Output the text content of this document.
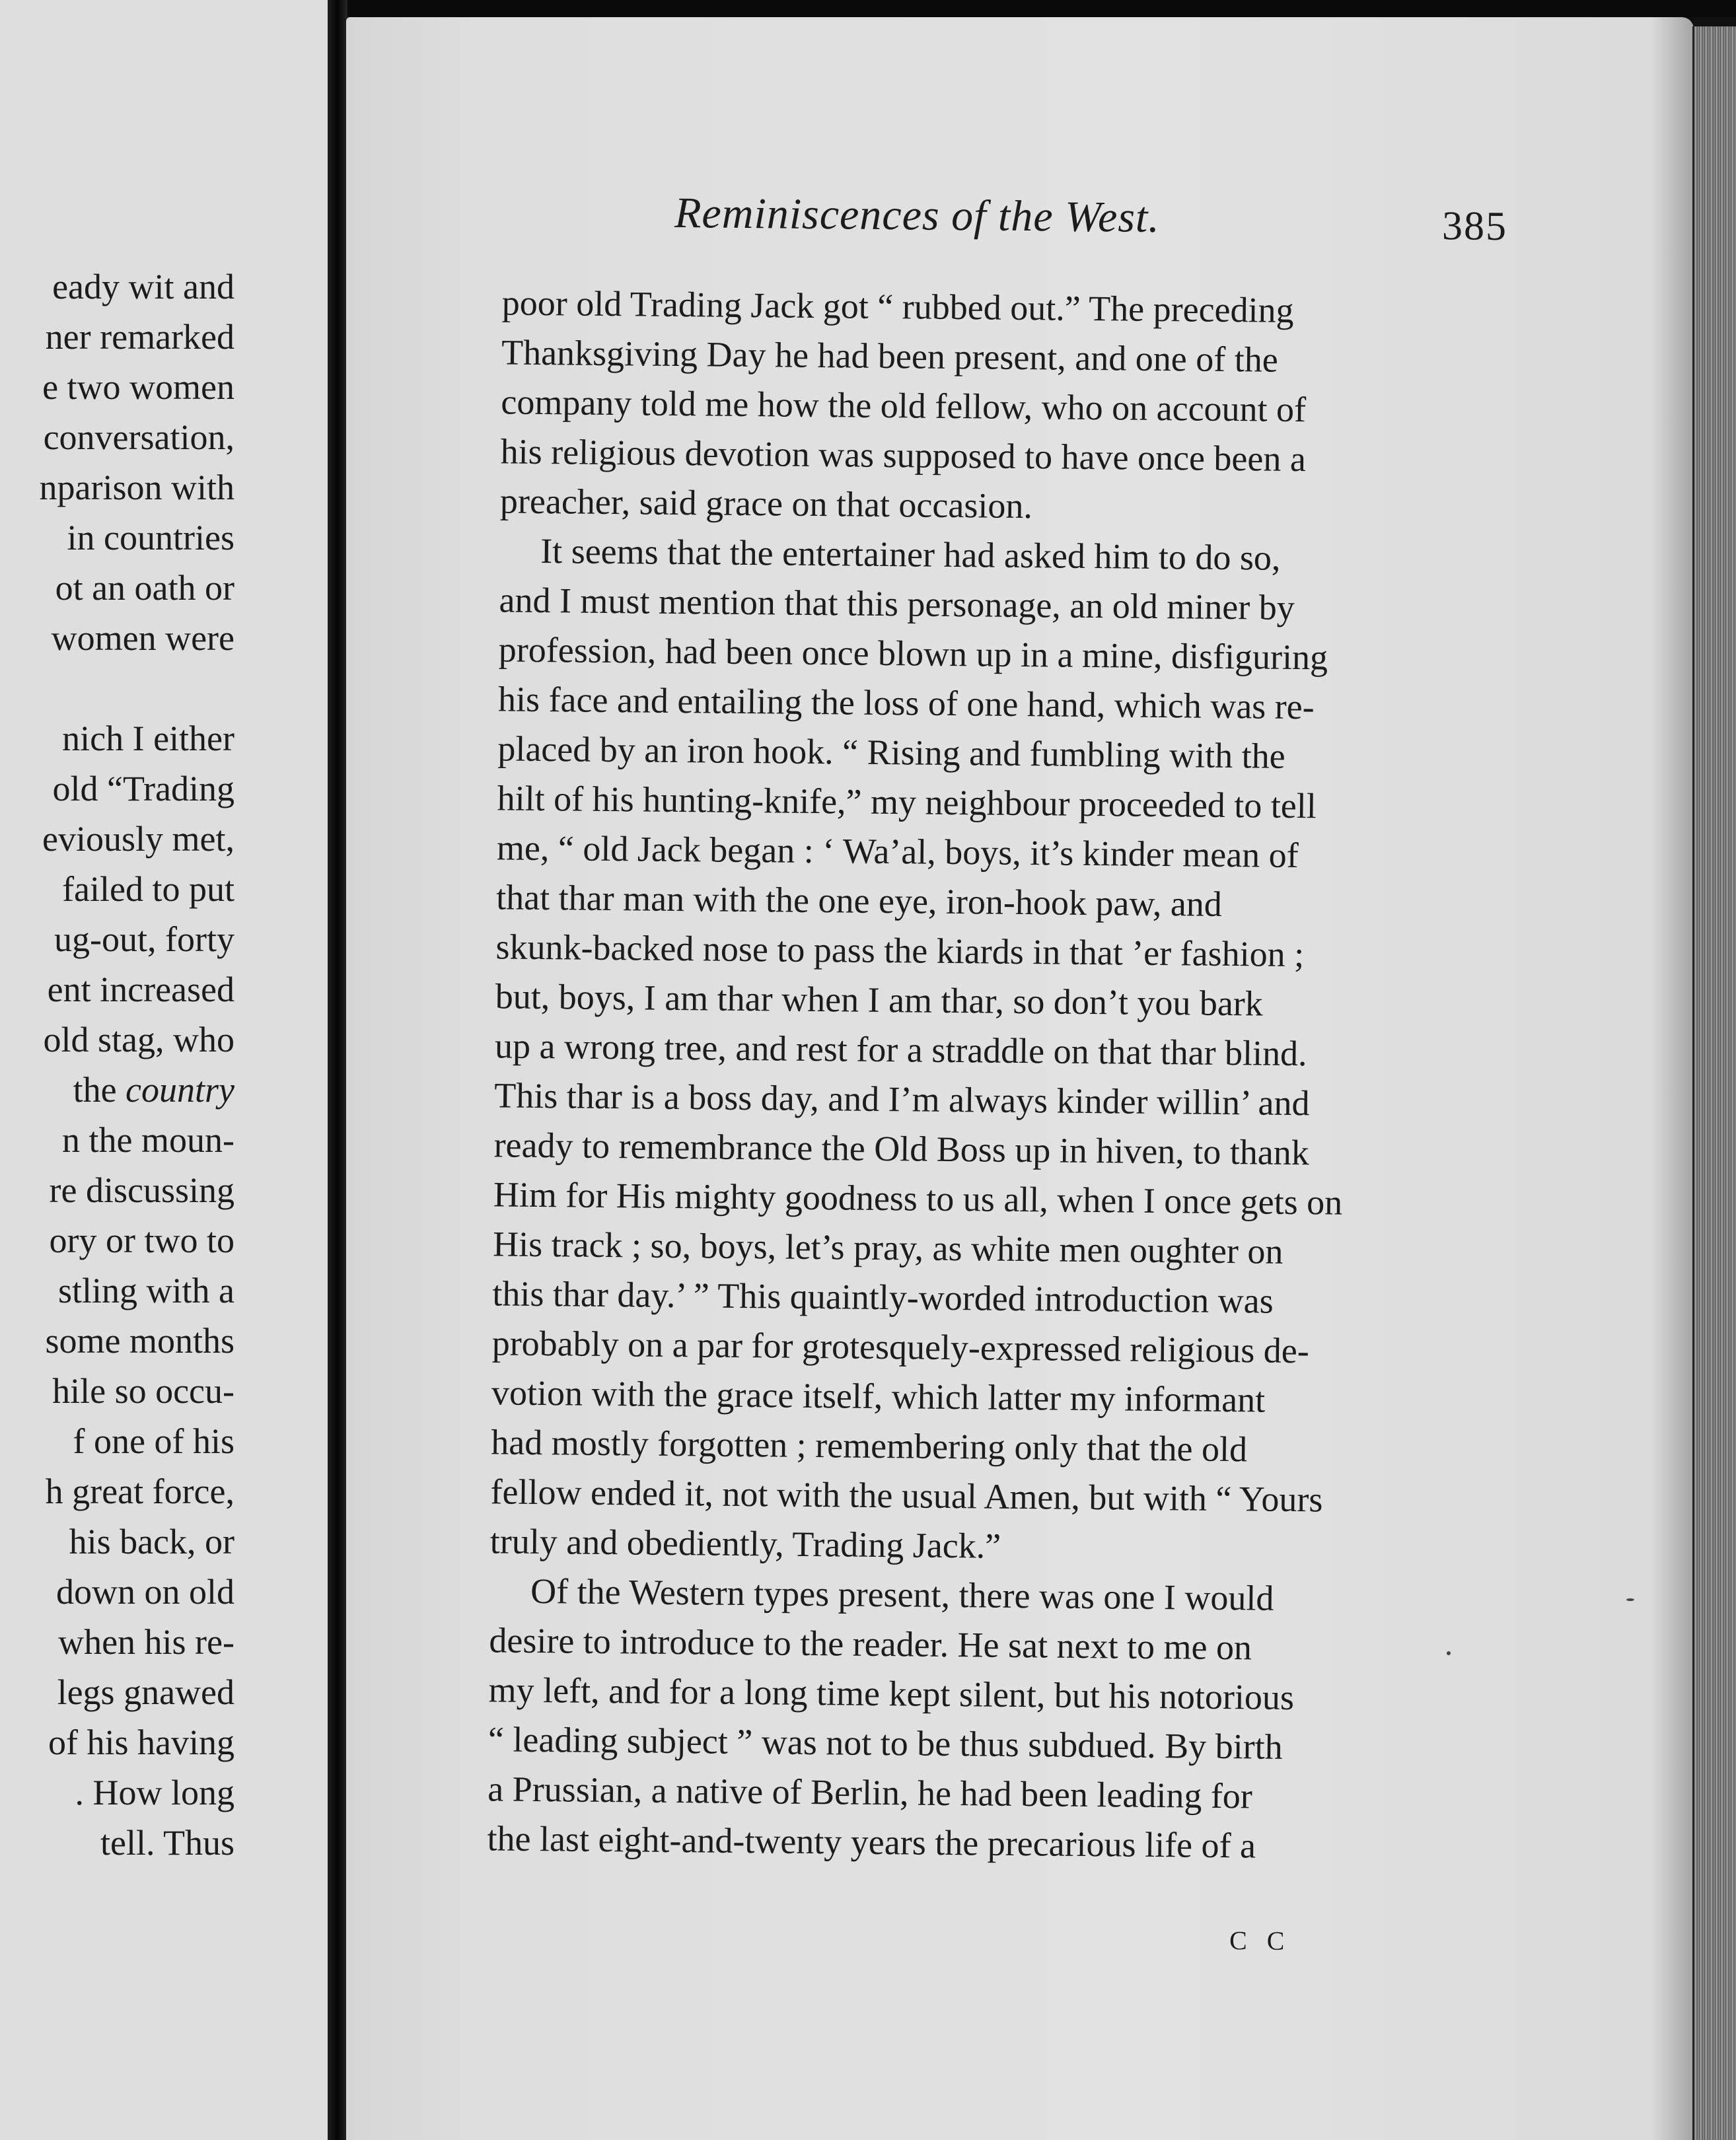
eady wit and
ner remarked
e two women
conversation,
nparison with
in countries
ot an oath or
women were
nich I either
old “Trading
eviously met,
failed to put
ug-out, forty
ent increased
old stag, who
the country
n the moun-
re discussing
ory or two to
stling with a
some months
hile so occu-
f one of his
h great force,
his back, or
down on old
when his re-
legs gnawed
of his having
. How long
tell. Thus
Reminiscences of the West.	385
poor old Trading Jack got “ rubbed out.” The preceding
Thanksgiving Day he had been present, and one of the
company told me how the old fellow, who on account of
his religious devotion was supposed to have once been a
preacher, said grace on that occasion.
It seems that the entertainer had asked him to do so,
and I must mention that this personage, an old miner by
profession, had been once blown up in a mine, disfiguring
his face and entailing the loss of one hand, which was re-
placed by an iron hook. “ Rising and fumbling with the
hilt of his hunting-knife,” my neighbour proceeded to tell
me, “ old Jack began : ‘ Wa’al, boys, it’s kinder mean of
that thar man with the one eye, iron-hook paw, and
skunk-backed nose to pass the kiards in that ’er fashion ;
but, boys, I am thar when I am thar, so don’t you bark
up a wrong tree, and rest for a straddle on that thar blind.
This thar is a boss day, and I’m always kinder willin’ and
ready to remembrance the Old Boss up in hiven, to thank
Him for His mighty goodness to us all, when I once gets on
His track ; so, boys, let’s pray, as white men oughter on
this thar day.’ ” This quaintly-worded introduction was
probably on a par for grotesquely-expressed religious de-
votion with the grace itself, which latter my informant
had mostly forgotten ; remembering only that the old
fellow ended it, not with the usual Amen, but with “ Yours
truly and obediently, Trading Jack.”
Of the Western types present, there was one I would
desire to introduce to the reader. He sat next to me on
my left, and for a long time kept silent, but his notorious
“ leading subject ” was not to be thus subdued. By birth
a Prussian, a native of Berlin, he had been leading for
the last eight-and-twenty years the precarious life of a
C C
